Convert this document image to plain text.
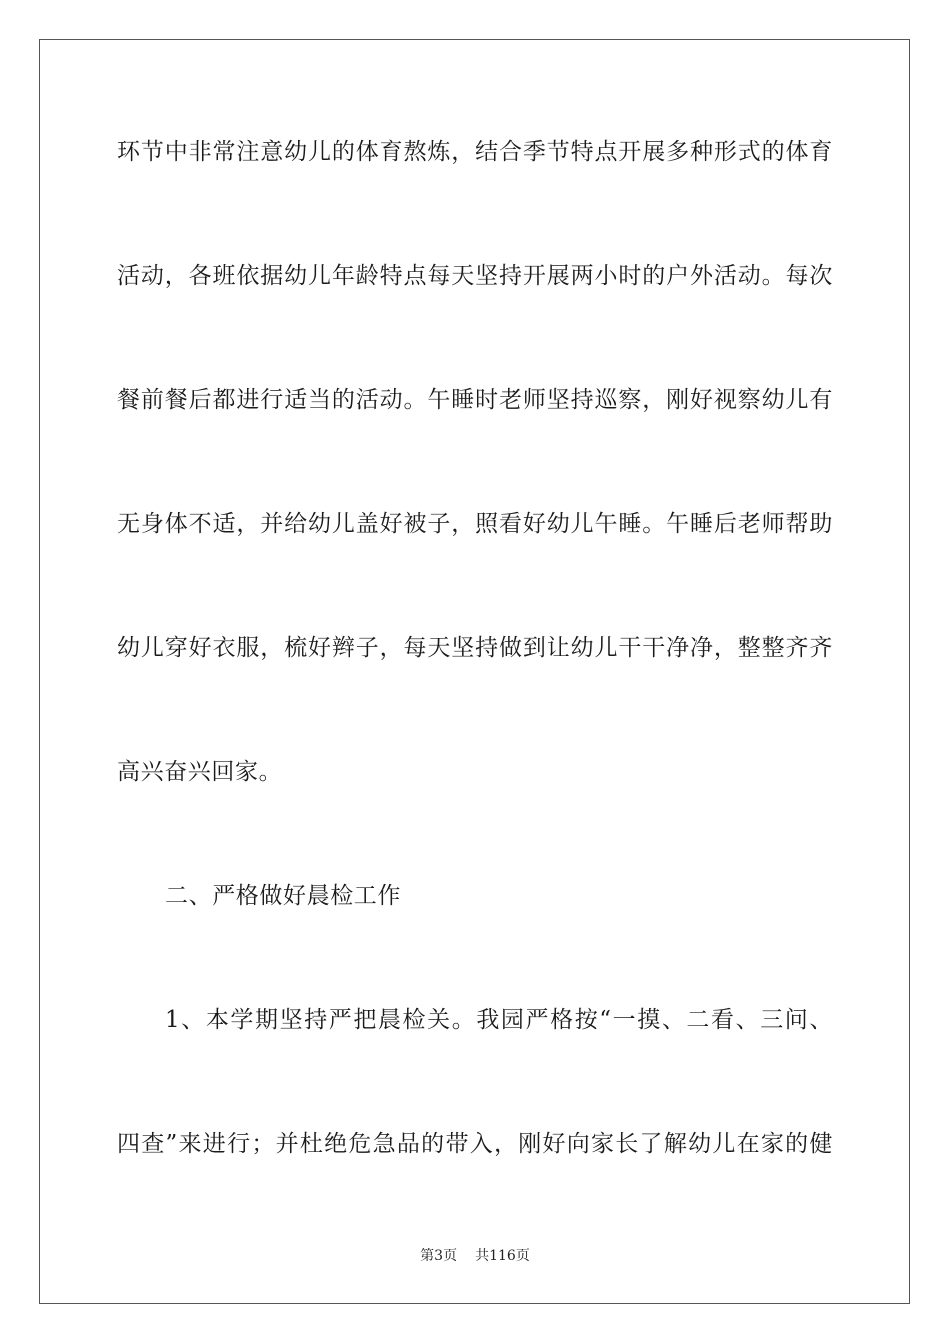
环节中非常注意幼儿的体育熬炼，结合季节特点开展多种形式的体育
活动，各班依据幼儿年龄特点每天坚持开展两小时的户外活动。每次
餐前餐后都进行适当的活动。午睡时老师坚持巡察，刚好视察幼儿有
无身体不适，并给幼儿盖好被子，照看好幼儿午睡。午睡后老师帮助
幼儿穿好衣服，梳好辫子，每天坚持做到让幼儿干干净净，整整齐齐
高兴奋兴回家。
二、严格做好晨检工作
1、本学期坚持严把晨检关。我园严格按“一摸、二看、三问、
四查”来进行；并杜绝危急品的带入，刚好向家长了解幼儿在家的健
第3页 共116页
